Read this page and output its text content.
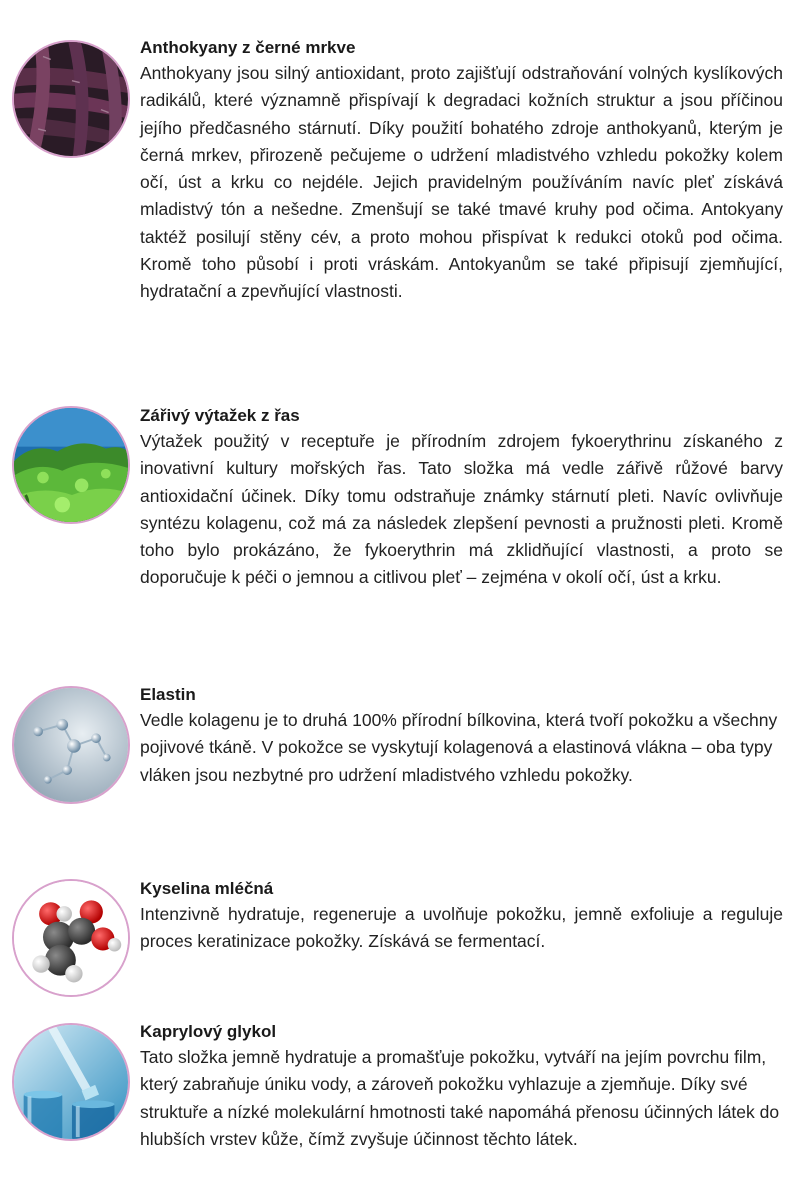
Anthokyany z černé mrkve

Anthokyany jsou silný antioxidant, proto zajišťují odstraňování volných kyslíkových radikálů, které významně přispívají k degradaci kožních struktur a jsou příčinou jejího předčasného stárnutí. Díky použití bohatého zdroje anthokyanů, kterým je černá mrkev, přirozeně pečujeme o udržení mladistvého vzhledu pokožky kolem očí, úst a krku co nejdéle. Jejich pravidelným používáním navíc pleť získává mladistvý tón a nešedne. Zmenšují se také tmavé kruhy pod očima. Antokyany taktéž posilují stěny cév, a proto mohou přispívat k redukci otoků pod očima. Kromě toho působí i proti vráskám. Antokyanům se také připisují zjemňující, hydratační a zpevňující vlastnosti.

Zářivý výtažek z řas

Výtažek použitý v receptuře je přírodním zdrojem fykoerythrinu získaného z inovativní kultury mořských řas. Tato složka má vedle zářivě růžové barvy antioxidační účinek. Díky tomu odstraňuje známky stárnutí pleti. Navíc ovlivňuje syntézu kolagenu, což má za následek zlepšení pevnosti a pružnosti pleti. Kromě toho bylo prokázáno, že fykoerythrin má zklidňující vlastnosti, a proto se doporučuje k péči o jemnou a citlivou pleť – zejména v okolí očí, úst a krku.

Elastin

Vedle kolagenu je to druhá 100% přírodní bílkovina, která tvoří pokožku a všechny pojivové tkáně. V pokožce se vyskytují kolagenová a elastinová vlákna – oba typy vláken jsou nezbytné pro udržení mladistvého vzhledu pokožky.

Kyselina mléčná

Intenzivně hydratuje, regeneruje a uvolňuje pokožku, jemně exfoliuje a reguluje proces keratinizace pokožky. Získává se fermentací.

Kaprylový glykol

Tato složka jemně hydratuje a promašťuje pokožku, vytváří na jejím povrchu film, který zabraňuje úniku vody, a zároveň pokožku vyhlazuje a zjemňuje. Díky své struktuře a nízké molekulární hmotnosti také napomáhá přenosu účinných látek do hlubších vrstev kůže, čímž zvyšuje účinnost těchto látek.
